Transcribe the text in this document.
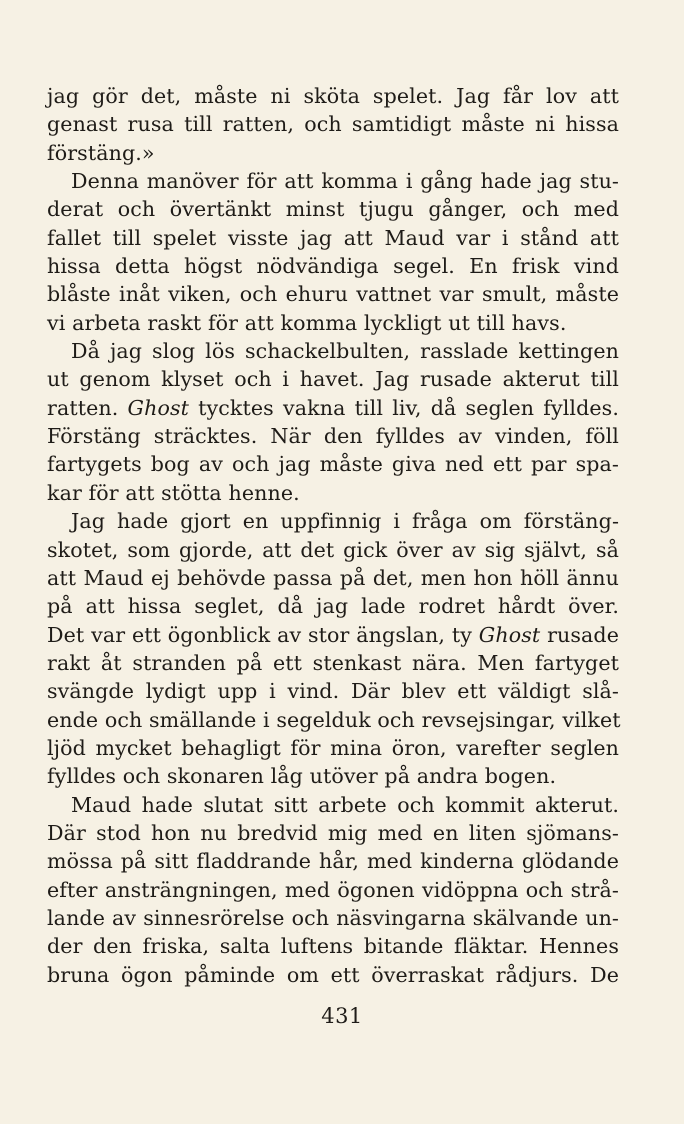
jag gör det, måste ni sköta spelet. Jag får lov att
genast rusa till ratten, och samtidigt måste ni hissa
förstäng.»
Denna manöver för att komma i gång hade jag stu-
derat och övertänkt minst tjugu gånger, och med
fallet till spelet visste jag att Maud var i stånd att
hissa detta högst nödvändiga segel. En frisk vind
blåste inåt viken, och ehuru vattnet var smult, måste
vi arbeta raskt för att komma lyckligt ut till havs.
Då jag slog lös schackelbulten, rasslade kettingen
ut genom klyset och i havet. Jag rusade akterut till
ratten. Ghost tycktes vakna till liv, då seglen fylldes.
Förstäng sträcktes. När den fylldes av vinden, föll
fartygets bog av och jag måste giva ned ett par spa-
kar för att stötta henne.
Jag hade gjort en uppfinnig i fråga om förstäng-
skotet, som gjorde, att det gick över av sig självt, så
att Maud ej behövde passa på det, men hon höll ännu
på att hissa seglet, då jag lade rodret hårdt över.
Det var ett ögonblick av stor ängslan, ty Ghost rusade
rakt åt stranden på ett stenkast nära. Men fartyget
svängde lydigt upp i vind. Där blev ett väldigt slå-
ende och smällande i segelduk och revsejsingar, vilket
ljöd mycket behagligt för mina öron, varefter seglen
fylldes och skonaren låg utöver på andra bogen.
Maud hade slutat sitt arbete och kommit akterut.
Där stod hon nu bredvid mig med en liten sjömans-
mössa på sitt fladdrande hår, med kinderna glödande
efter ansträngningen, med ögonen vidöppna och strå-
lande av sinnesrörelse och näsvingarna skälvande un-
der den friska, salta luftens bitande fläktar. Hennes
bruna ögon påminde om ett överraskat rådjurs. De
431
